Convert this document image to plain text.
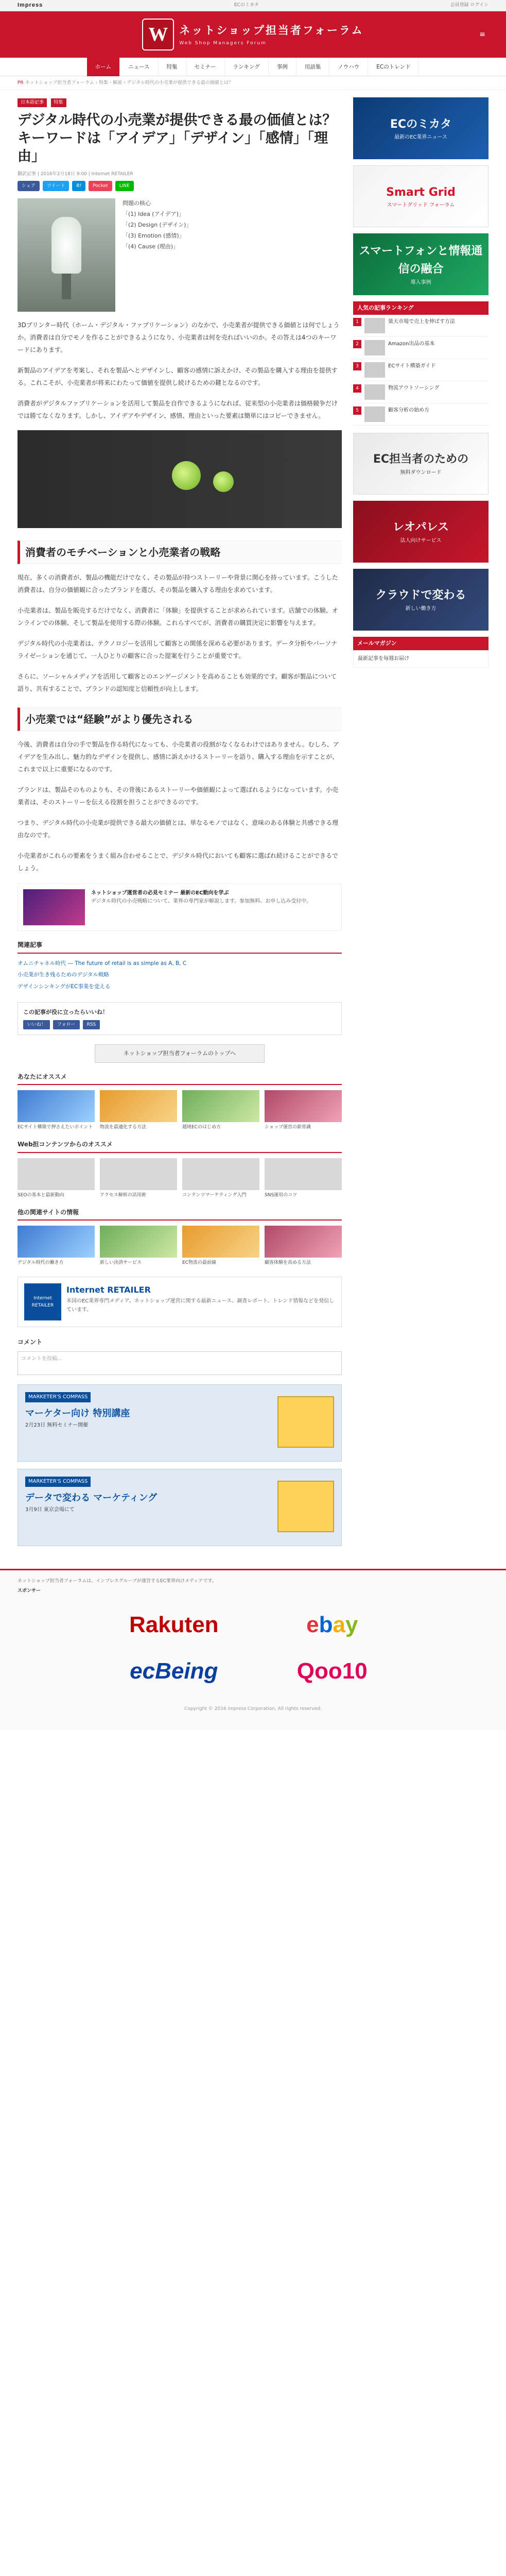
Impress	ECのミカタ	会員登録 ログイン
W	ネットショップ担当者フォーラム
Web Shop Managers Forum
≡
ホーム	ニュース	特集	セミナー	ランキング	事例	用語集	ノウハウ	ECのトレンド
PR ネットショップ担当者フォーラム › 特集・解説 › デジタル時代の小売業が提供できる最の価値とは？
日本語記事 特集
デジタル時代の小売業が提供できる最の価値とは？ キーワードは「アイデア」「デザイン」「感情」「理由」
翻訳記事 | 2016年2月18日 9:00 | Internet RETAILER
シェア	ツイート	B!	Pocket	LINE
問題の核心
「(1) Idea (アイデア)」
「(2) Design (デザイン)」
「(3) Emotion (感情)」
「(4) Cause (理由)」

3Dプリンター時代（ホーム・デジタル・ファブリケーション）のなかで、小売業者が提供できる価値とは何でしょうか。消費者は自分でモノを作ることができるようになり、小売業者は何を売ればいいのか。その答えは4つのキーワードにあります。

新製品のアイデアを考案し、それを製品へとデザインし、顧客の感情に訴えかけ、その製品を購入する理由を提供する。これこそが、小売業者が将来にわたって価値を提供し続けるための鍵となるのです。

消費者がデジタルファブリケーションを活用して製品を自作できるようになれば、従来型の小売業者は価格競争だけでは勝てなくなります。しかし、アイデアやデザイン、感情、理由といった要素は簡単にはコピーできません。

消費者のモチベーションと小売業者の戦略

現在、多くの消費者が、製品の機能だけでなく、その製品が持つストーリーや背景に関心を持っています。こうした消費者は、自分の価値観に合ったブランドを選び、その製品を購入する理由を求めています。

小売業者は、製品を販売するだけでなく、消費者に「体験」を提供することが求められています。店舗での体験、オンラインでの体験、そして製品を使用する際の体験。これらすべてが、消費者の購買決定に影響を与えます。

デジタル時代の小売業者は、テクノロジーを活用して顧客との関係を深める必要があります。データ分析やパーソナライゼーションを通じて、一人ひとりの顧客に合った提案を行うことが重要です。

さらに、ソーシャルメディアを活用して顧客とのエンゲージメントを高めることも効果的です。顧客が製品について語り、共有することで、ブランドの認知度と信頼性が向上します。

小売業では“経験”がより優先される

今後、消費者は自分の手で製品を作る時代になっても、小売業者の役割がなくなるわけではありません。むしろ、アイデアを生み出し、魅力的なデザインを提供し、感情に訴えかけるストーリーを語り、購入する理由を示すことが、これまで以上に重要になるのです。

ブランドは、製品そのものよりも、その背後にあるストーリーや価値観によって選ばれるようになっています。小売業者は、そのストーリーを伝える役割を担うことができるのです。

つまり、デジタル時代の小売業が提供できる最大の価値とは、単なるモノではなく、意味のある体験と共感できる理由なのです。

小売業者がこれらの要素をうまく組み合わせることで、デジタル時代においても顧客に選ばれ続けることができるでしょう。

ネットショップ運営者の必見セミナー 最新のEC動向を学ぶ
デジタル時代の小売戦略について、業界の専門家が解説します。参加無料、お申し込み受付中。
関連記事
オムニチャネル時代 ― The future of retail is as simple as A, B, C
小売業が生き残るためのデジタル戦略
デザインシンキングがEC事業を変える
この記事が役に立ったらいいね！
いいね！	フォロー	RSS
ネットショップ担当者フォーラムのトップへ
あなたにオススメ
ECサイト構築で押さえたいポイント	物流を最適化する方法	越境ECのはじめ方	ショップ運営の新常識
Web担コンテンツからのオススメ
SEOの基本と最新動向	アクセス解析の活用術	コンテンツマーケティング入門	SNS運用のコツ
他の関連サイトの情報
デジタル時代の働き方	新しい決済サービス	EC物流の最前線	顧客体験を高める方法
Internet RETAILER
Internet RETAILER
米国のEC業界専門メディア。ネットショップ運営に関する最新ニュース、調査レポート、トレンド情報などを発信しています。
コメント
コメントを投稿...
MARKETER'S COMPASS
マーケター向け 特別講座
2月23日 無料セミナー開催
MARKETER'S COMPASS
データで変わる マーケティング
3月9日 東京会場にて
ECのミカタ
最新のEC業界ニュース
Smart Grid
スマートグリッド フォーラム
スマートフォンと情報通信の融合
導入事例
人気の記事ランキング
1	楽天市場で売上を伸ばす方法
2	Amazon出品の基本
3	ECサイト構築ガイド
4	物流アウトソーシング
5	顧客分析の始め方
EC担当者のための
無料ダウンロード
レオパレス
法人向けサービス
クラウドで変わる
新しい働き方
メールマガジン
最新記事を毎週お届け
ネットショップ担当者フォーラムは、インプレスグループが運営するEC業界向けメディアです。
スポンサー
Rakuten	ebay
ecBeing	Qoo10
Copyright © 2016 Impress Corporation. All rights reserved.
